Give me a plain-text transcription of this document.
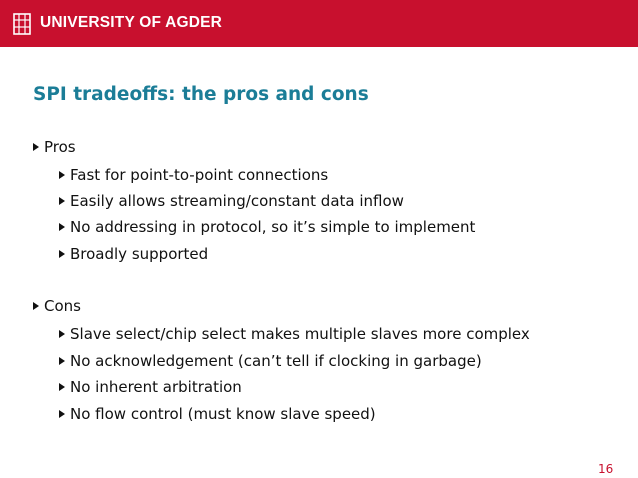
UNIVERSITY OF AGDER
SPI tradeoffs: the pros and cons
Pros
Fast for point-to-point connections
Easily allows streaming/constant data inflow
No addressing in protocol, so it’s simple to implement
Broadly supported
Cons
Slave select/chip select makes multiple slaves more complex
No acknowledgement (can’t tell if clocking in garbage)
No inherent arbitration
No flow control (must know slave speed)
16
